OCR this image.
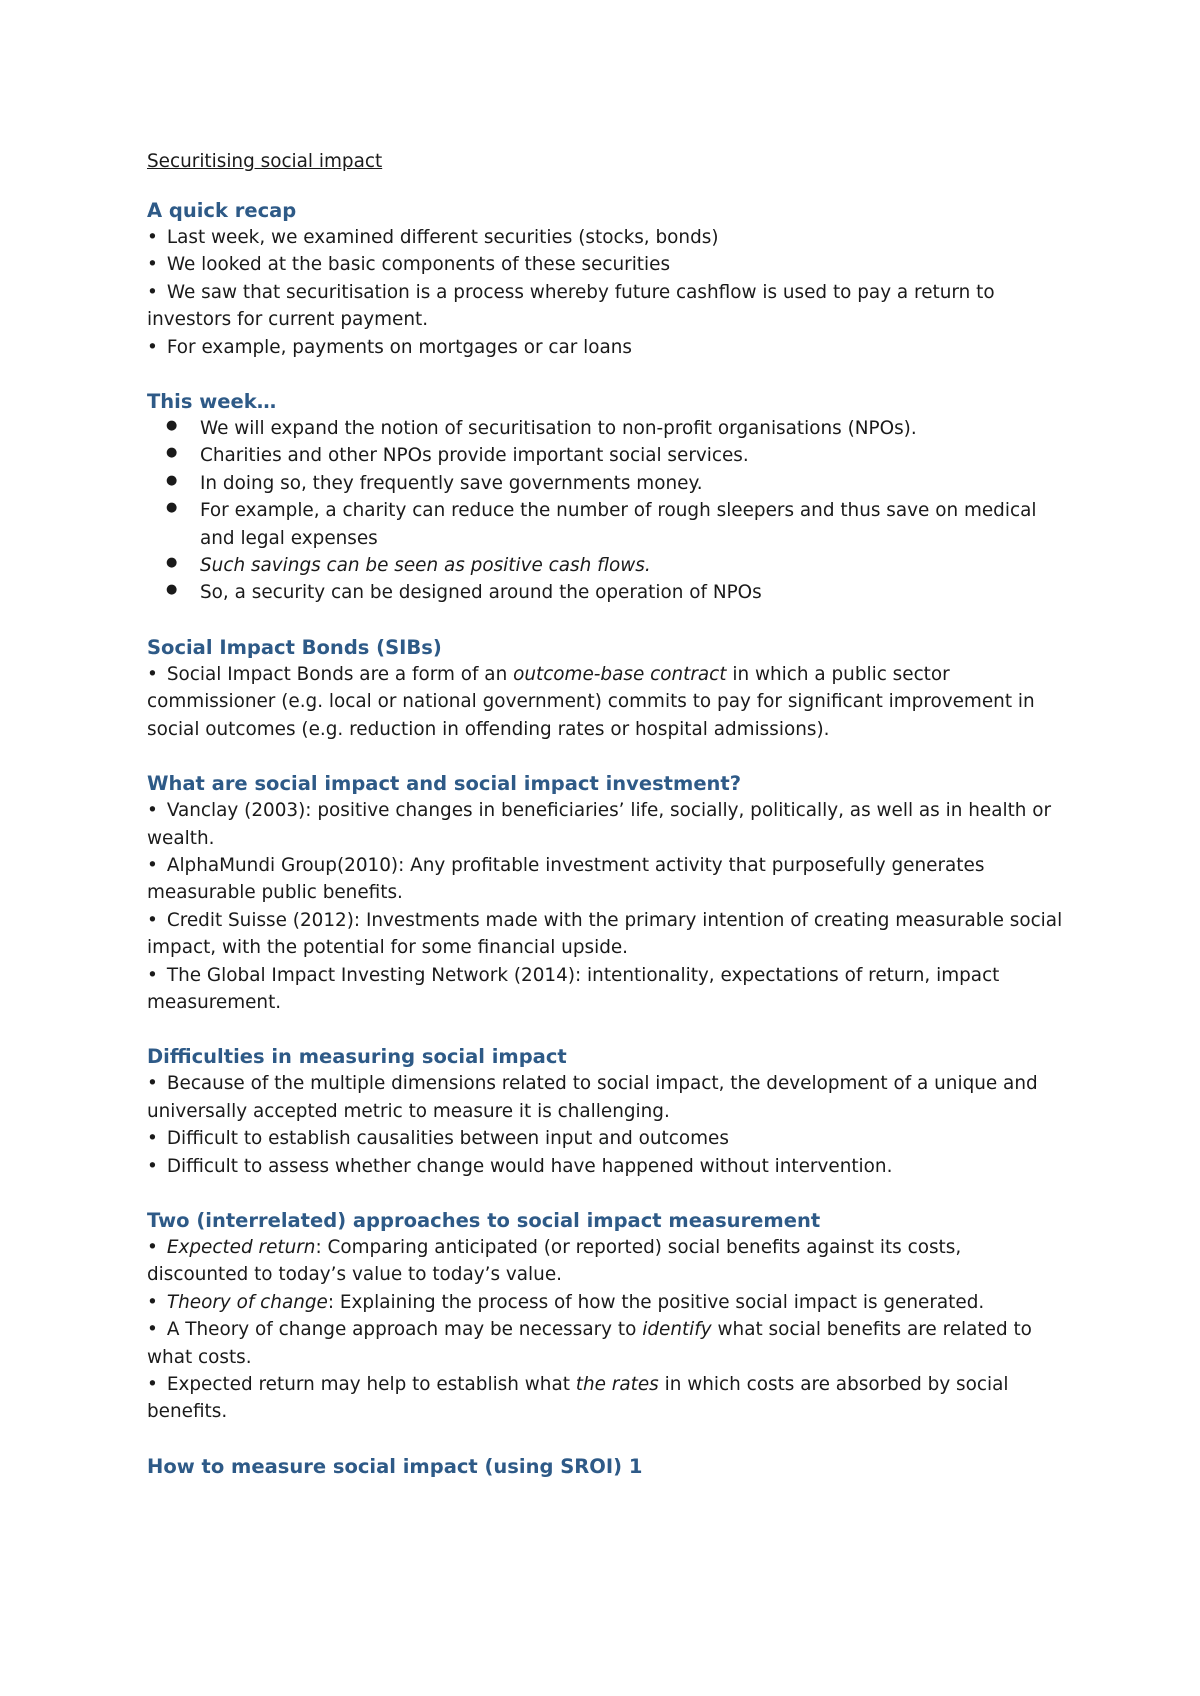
Securitising social impact

A quick recap

• Last week, we examined different securities (stocks, bonds)

• We looked at the basic components of these securities

• We saw that securitisation is a process whereby future cashflow is used to pay a return to investors for current payment.

• For example, payments on mortgages or car loans

This week…
● We will expand the notion of securitisation to non-profit organisations (NPOs).
● Charities and other NPOs provide important social services.
● In doing so, they frequently save governments money.
● For example, a charity can reduce the number of rough sleepers and thus save on medical and legal expenses
● Such savings can be seen as positive cash flows.
● So, a security can be designed around the operation of NPOs
Social Impact Bonds (SIBs)

• Social Impact Bonds are a form of an outcome-base contract in which a public sector commissioner (e.g. local or national government) commits to pay for significant improvement in social outcomes (e.g. reduction in offending rates or hospital admissions).

What are social impact and social impact investment?

• Vanclay (2003): positive changes in beneficiaries’ life, socially, politically, as well as in health or wealth.

• AlphaMundi Group(2010): Any profitable investment activity that purposefully generates measurable public benefits.

• Credit Suisse (2012): Investments made with the primary intention of creating measurable social impact, with the potential for some financial upside.

• The Global Impact Investing Network (2014): intentionality, expectations of return, impact measurement.

Difficulties in measuring social impact

• Because of the multiple dimensions related to social impact, the development of a unique and universally accepted metric to measure it is challenging.

• Difficult to establish causalities between input and outcomes

• Difficult to assess whether change would have happened without intervention.

Two (interrelated) approaches to social impact measurement

• Expected return: Comparing anticipated (or reported) social benefits against its costs, discounted to today’s value to today’s value.

• Theory of change: Explaining the process of how the positive social impact is generated.

• A Theory of change approach may be necessary to identify what social benefits are related to what costs.

• Expected return may help to establish what the rates in which costs are absorbed by social benefits.

How to measure social impact (using SROI) 1
